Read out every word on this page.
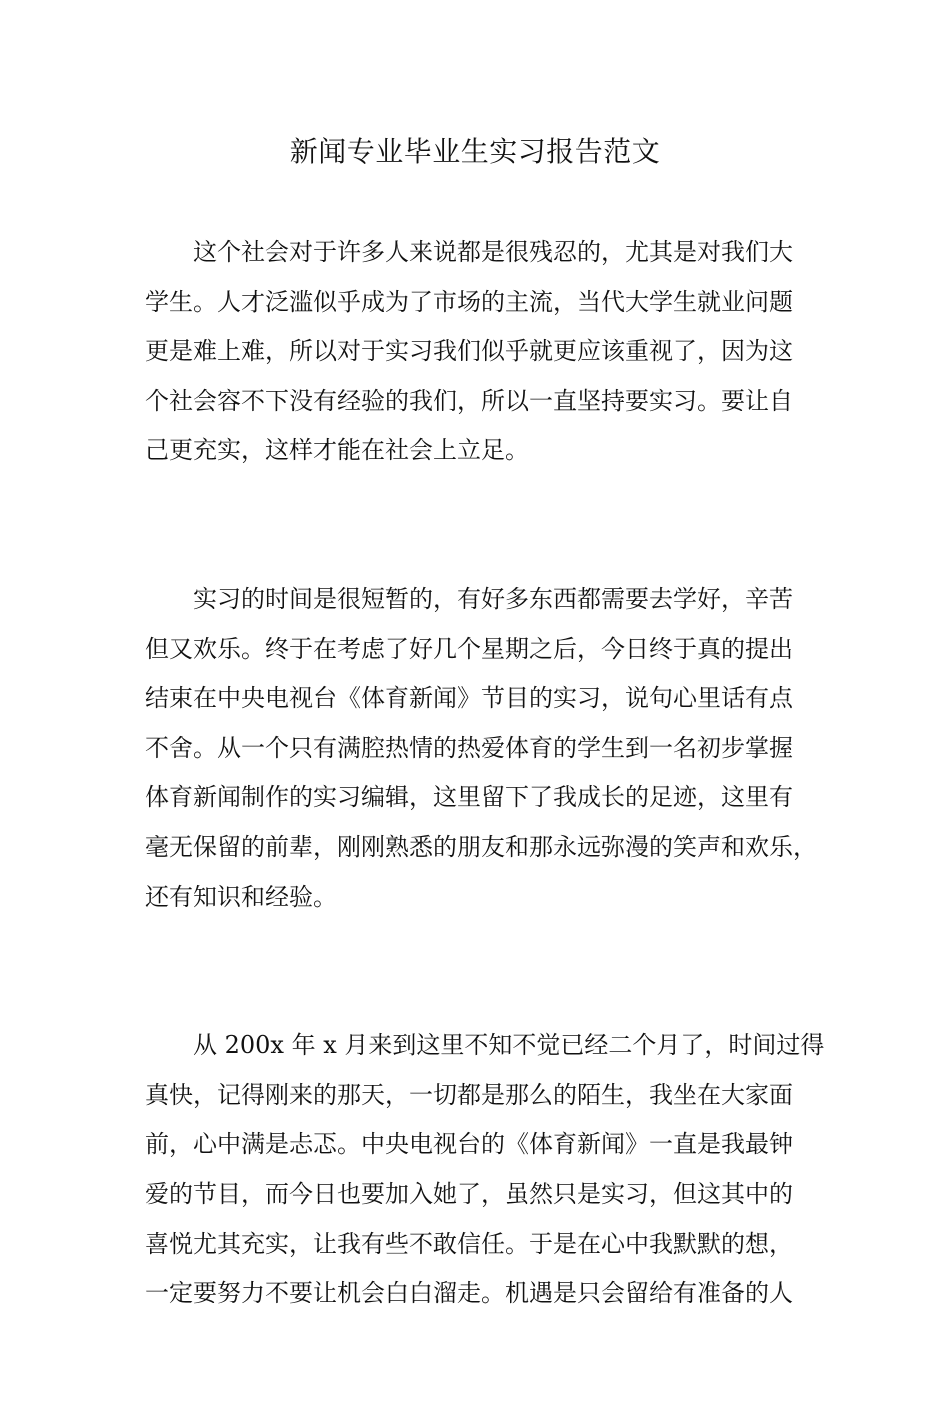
新闻专业毕业生实习报告范文

这个社会对于许多人来说都是很残忍的，尤其是对我们大
学生。人才泛滥似乎成为了市场的主流，当代大学生就业问题
更是难上难，所以对于实习我们似乎就更应该重视了，因为这
个社会容不下没有经验的我们，所以一直坚持要实习。要让自
己更充实，这样才能在社会上立足。

实习的时间是很短暂的，有好多东西都需要去学好，辛苦
但又欢乐。终于在考虑了好几个星期之后，今日终于真的提出
结束在中央电视台《体育新闻》节目的实习，说句心里话有点
不舍。从一个只有满腔热情的热爱体育的学生到一名初步掌握
体育新闻制作的实习编辑，这里留下了我成长的足迹，这里有
毫无保留的前辈，刚刚熟悉的朋友和那永远弥漫的笑声和欢乐，
还有知识和经验。

从 200x 年 x 月来到这里不知不觉已经二个月了，时间过得
真快，记得刚来的那天，一切都是那么的陌生，我坐在大家面
前，心中满是忐忑。中央电视台的《体育新闻》一直是我最钟
爱的节目，而今日也要加入她了，虽然只是实习，但这其中的
喜悦尤其充实，让我有些不敢信任。于是在心中我默默的想，
一定要努力不要让机会白白溜走。机遇是只会留给有准备的人
